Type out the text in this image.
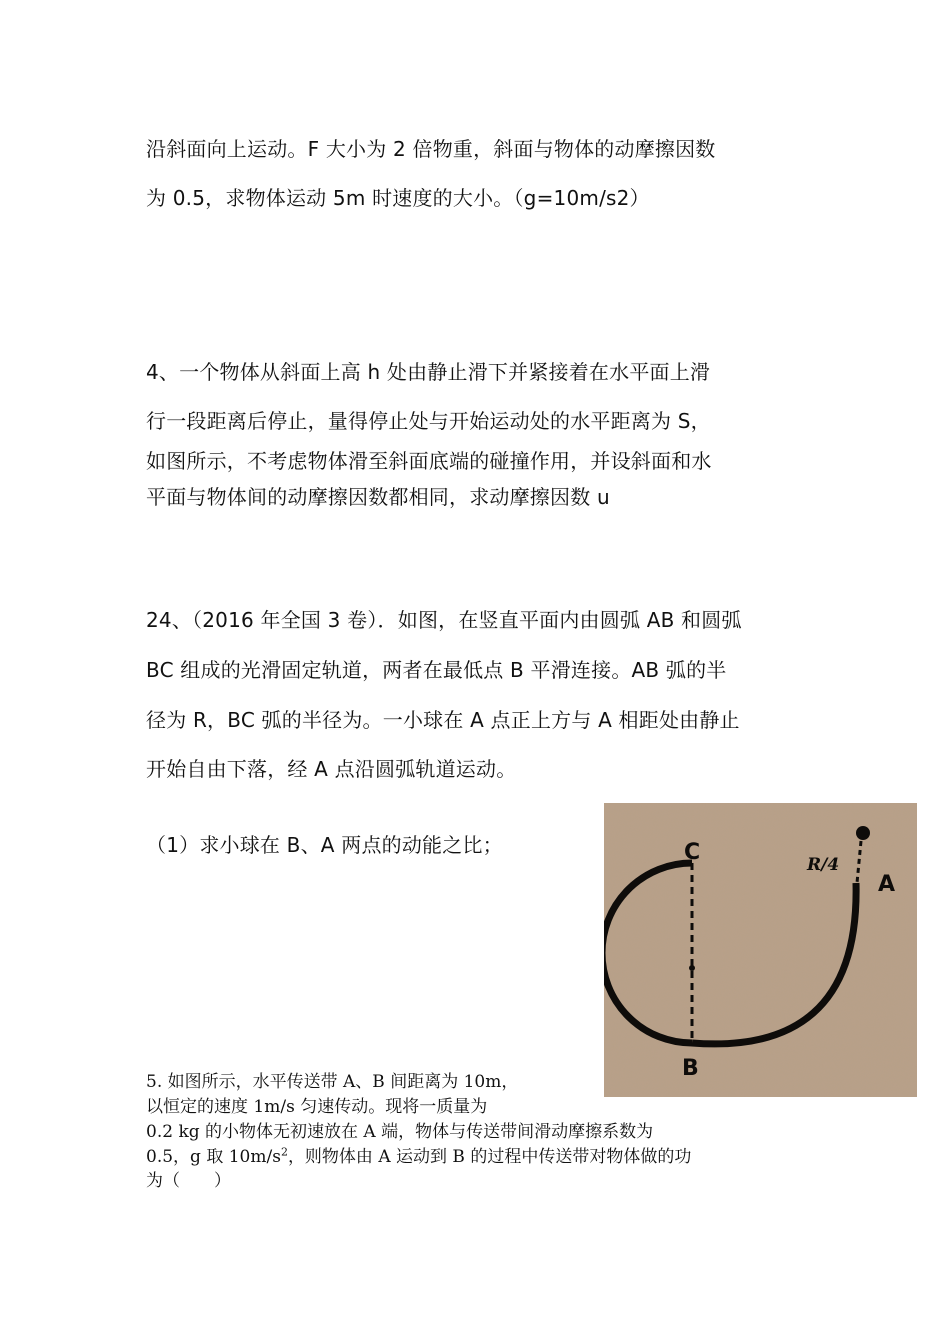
沿斜面向上运动。F 大小为 2 倍物重，斜面与物体的动摩擦因数
为 0.5，求物体运动 5m 时速度的大小。（g=10m/s2）
4、一个物体从斜面上高 h 处由静止滑下并紧接着在水平面上滑
行一段距离后停止，量得停止处与开始运动处的水平距离为 S，
如图所示，不考虑物体滑至斜面底端的碰撞作用，并设斜面和水
平面与物体间的动摩擦因数都相同，求动摩擦因数 u
24、（2016 年全国 3 卷）．如图，在竖直平面内由圆弧 AB 和圆弧
BC 组成的光滑固定轨道，两者在最低点 B 平滑连接。AB 弧的半
径为 R，BC 弧的半径为。一小球在 A 点正上方与 A 相距处由静止
开始自由下落，经 A 点沿圆弧轨道运动。
（1）求小球在 B、A 两点的动能之比；	C
A
B
R/4
5. 如图所示，水平传送带 A、B 间距离为 10m，
以恒定的速度 1m/s 匀速传动。现将一质量为
0.2 kg 的小物体无初速放在 A 端，物体与传送带间滑动摩擦系数为
0.5，g 取 $10m/s^2$，则物体由 A 运动到 B 的过程中传送带对物体做的功
为（　　）
